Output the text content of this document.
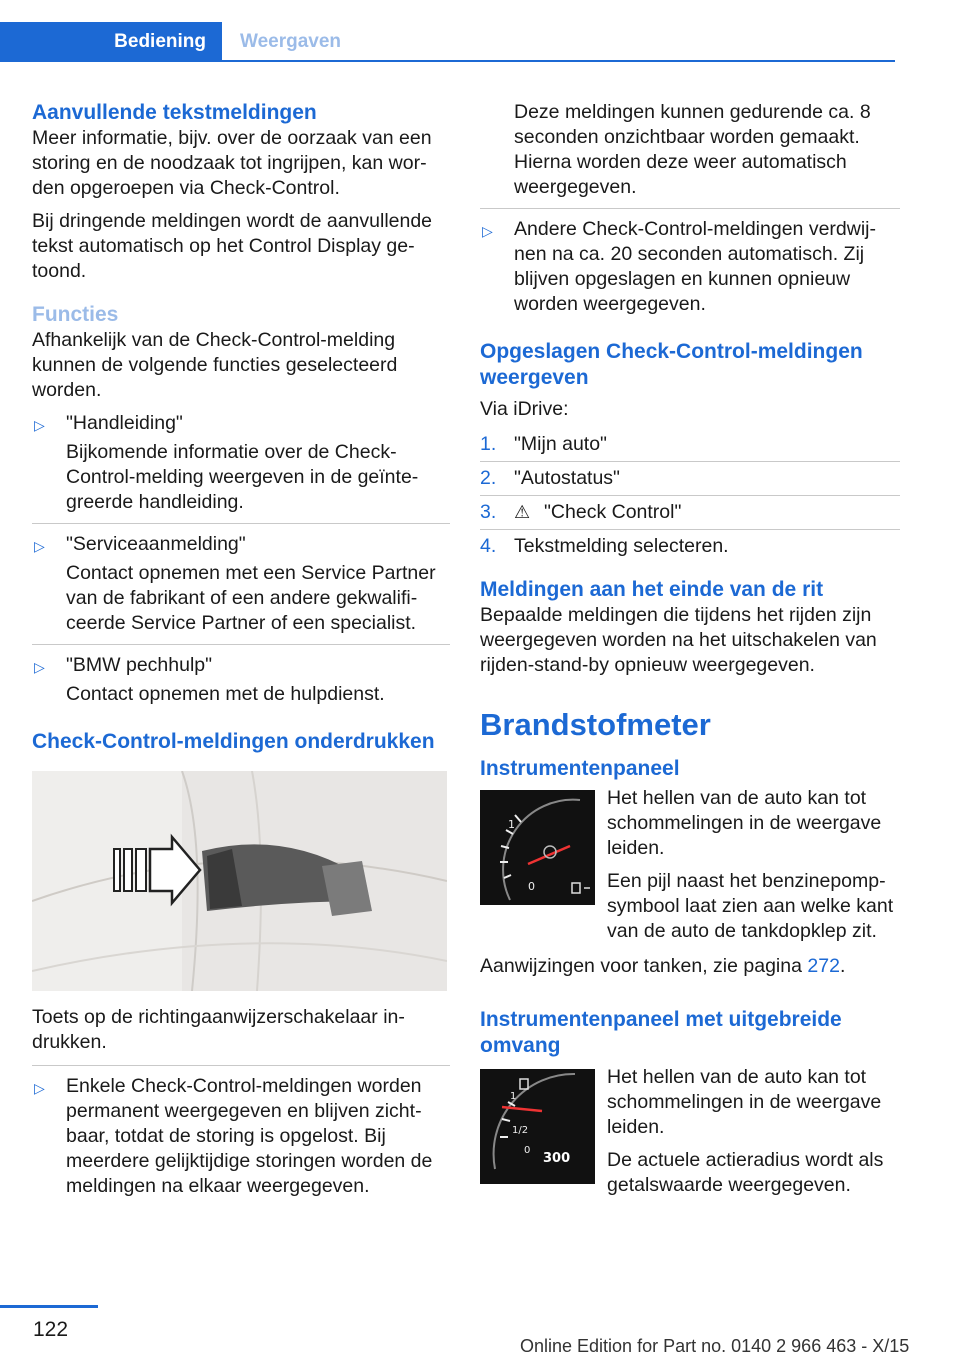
Bediening	Weergaven
Aanvullende tekstmeldingen

Meer informatie, bijv. over de oorzaak van een storing en de noodzaak tot ingrijpen, kan worden opgeroepen via Check-Control.

Bij dringende meldingen wordt de aanvullende tekst automatisch op het Control Display getoond.

Functies

Afhankelijk van de Check-Control-melding kunnen de volgende functies geselecteerd worden.

▷ "Handleiding"
Bijkomende informatie over de Check-Control-melding weergeven in de geïntegreerde handleiding.
▷ "Serviceaanmelding"
Contact opnemen met een Service Partner van de fabrikant of een andere gekwalificeerde Service Partner of een specialist.
▷ "BMW pechhulp"
Contact opnemen met de hulpdienst.
Check-Control-meldingen onderdrukken

Toets op de richtingaanwijzerschakelaar indrukken.

▷ Enkele Check-Control-meldingen worden permanent weergegeven en blijven zichtbaar, totdat de storing is opgelost. Bij meerdere gelijktijdige storingen worden de meldingen na elkaar weergegeven.
Deze meldingen kunnen gedurende ca. 8 seconden onzichtbaar worden gemaakt. Hierna worden deze weer automatisch weergegeven.
▷ Andere Check-Control-meldingen verdwijnen na ca. 20 seconden automatisch. Zij blijven opgeslagen en kunnen opnieuw worden weergegeven.
Opgeslagen Check-Control-meldingen weergeven

Via iDrive:

1. "Mijn auto"
2. "Autostatus"
3. ⚠ "Check Control"
4. Tekstmelding selecteren.
Meldingen aan het einde van de rit

Bepaalde meldingen die tijdens het rijden zijn weergegeven worden na het uitschakelen van rijden-stand-by opnieuw weergegeven.

Brandstofmeter
Instrumentenpaneel
1
0

Het hellen van de auto kan tot schommelingen in de weergave leiden.

Een pijl naast het benzinepompsymbool laat zien aan welke kant van de auto de tankdopklep zit.

Aanwijzingen voor tanken, zie pagina 272.

Instrumentenpaneel met uitgebreide omvang
1
1/2
0
300

Het hellen van de auto kan tot schommelingen in de weergave leiden.

De actuele actieradius wordt als getalswaarde weergegeven.

122
Online Edition for Part no. 0140 2 966 463 - X/15
